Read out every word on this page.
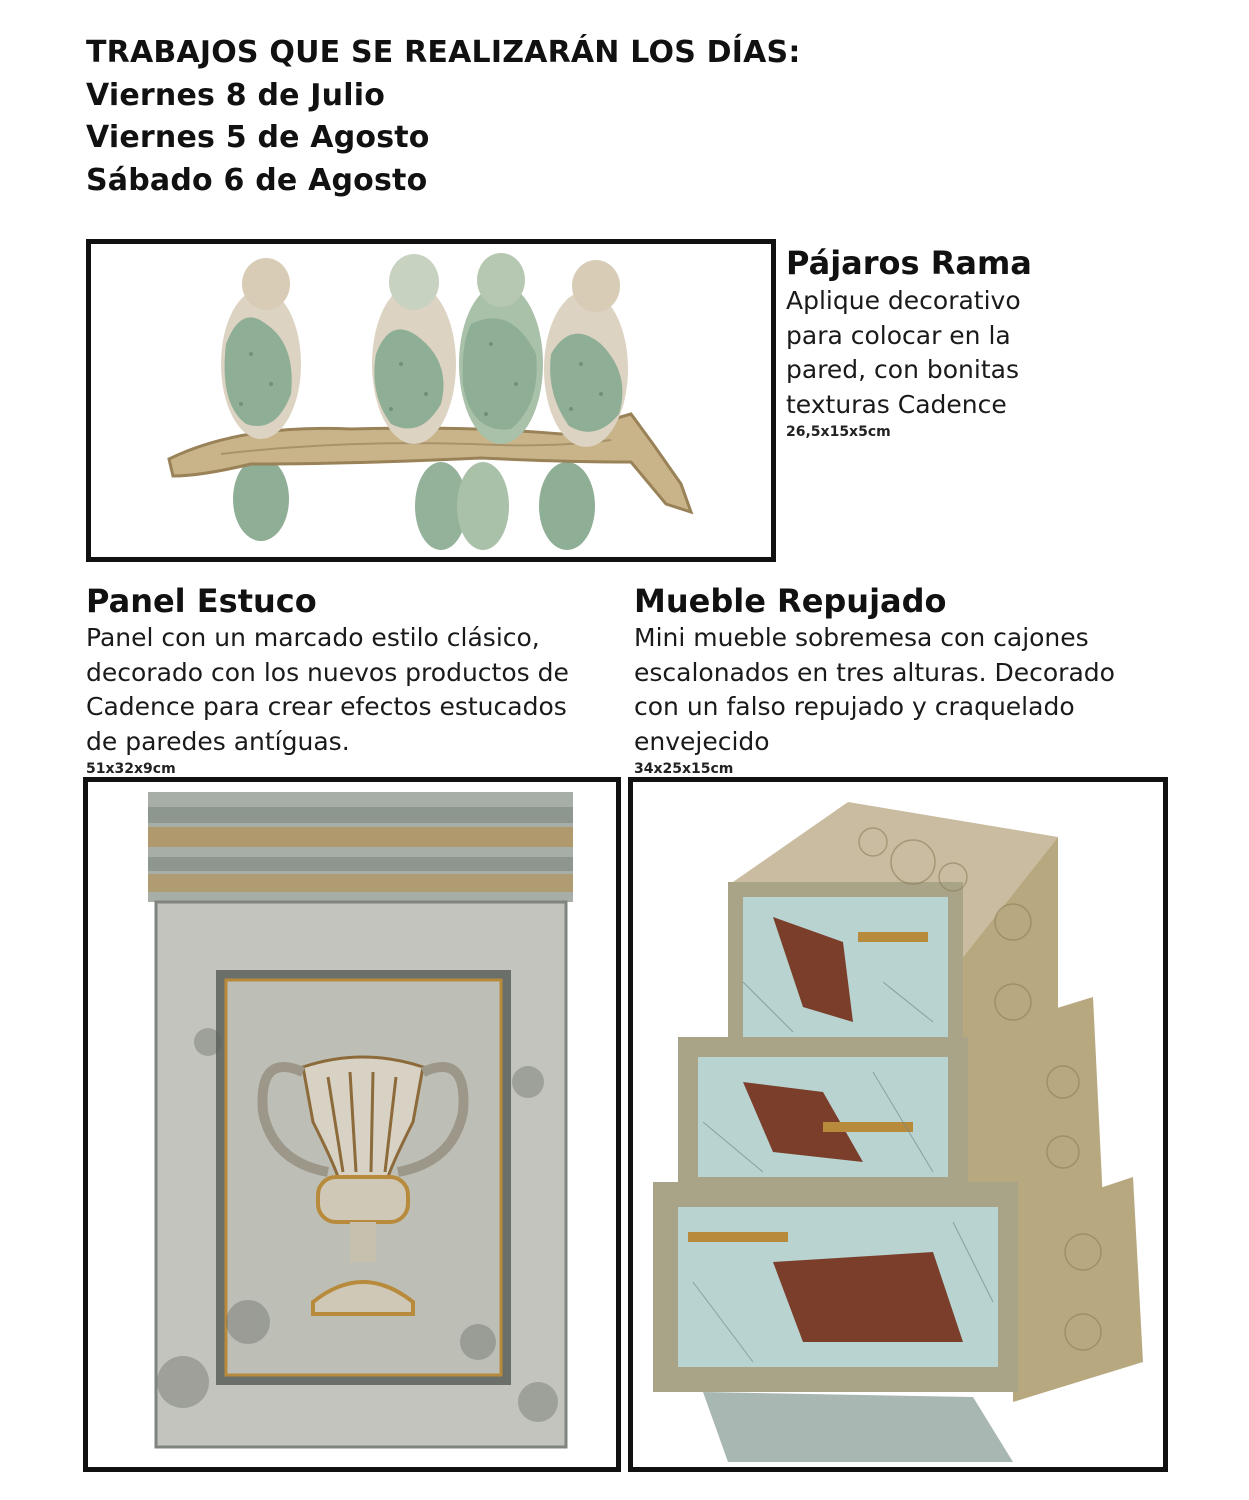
TRABAJOS QUE SE REALIZARÁN LOS DÍAS:
Viernes 8 de Julio
Viernes 5 de Agosto
Sábado 6 de Agosto
Pájaros Rama

Aplique decorativo para colocar en la pared, con bonitas texturas Cadence

26,5x15x5cm
Panel Estuco

Panel con un marcado estilo clásico, decorado con los nuevos productos de Cadence para crear efectos estucados de paredes antíguas.

51x32x9cm
Mueble Repujado

Mini mueble sobremesa con cajones escalonados en tres alturas. Decorado con un falso repujado y craquelado envejecido

34x25x15cm
